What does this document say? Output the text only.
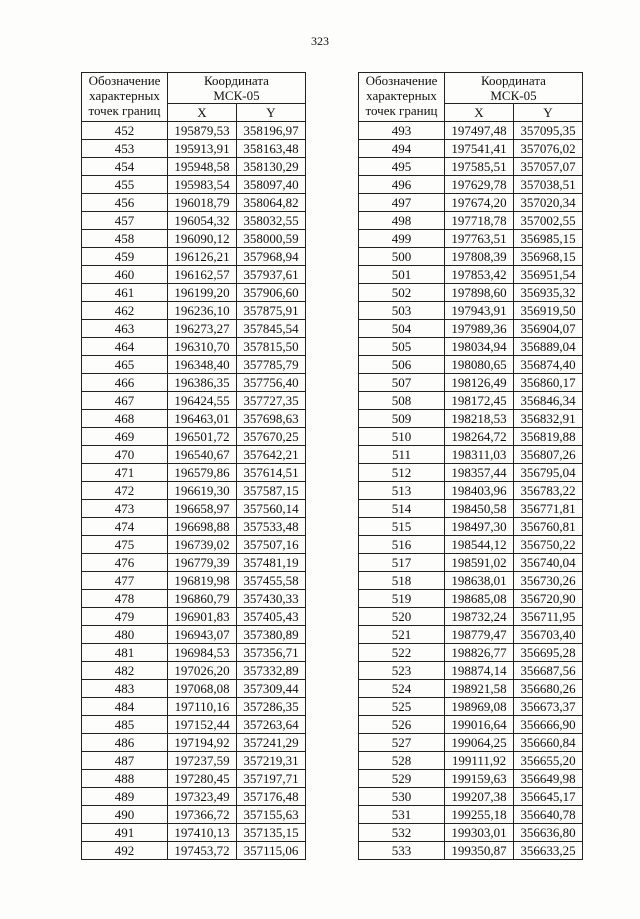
323
Обозначение
характерных
точек границ	Координата
МСК-05	

	X	Y
452	195879,53	358196,97
453	195913,91	358163,48
454	195948,58	358130,29
455	195983,54	358097,40
456	196018,79	358064,82
457	196054,32	358032,55
458	196090,12	358000,59
459	196126,21	357968,94
460	196162,57	357937,61
461	196199,20	357906,60
462	196236,10	357875,91
463	196273,27	357845,54
464	196310,70	357815,50
465	196348,40	357785,79
466	196386,35	357756,40
467	196424,55	357727,35
468	196463,01	357698,63
469	196501,72	357670,25
470	196540,67	357642,21
471	196579,86	357614,51
472	196619,30	357587,15
473	196658,97	357560,14
474	196698,88	357533,48
475	196739,02	357507,16
476	196779,39	357481,19
477	196819,98	357455,58
478	196860,79	357430,33
479	196901,83	357405,43
480	196943,07	357380,89
481	196984,53	357356,71
482	197026,20	357332,89
483	197068,08	357309,44
484	197110,16	357286,35
485	197152,44	357263,64
486	197194,92	357241,29
487	197237,59	357219,31
488	197280,45	357197,71
489	197323,49	357176,48
490	197366,72	357155,63
491	197410,13	357135,15
492	197453,72	357115,06
Обозначение
характерных
точек границ	Координата
МСК-05	

	X	Y
493	197497,48	357095,35
494	197541,41	357076,02
495	197585,51	357057,07
496	197629,78	357038,51
497	197674,20	357020,34
498	197718,78	357002,55
499	197763,51	356985,15
500	197808,39	356968,15
501	197853,42	356951,54
502	197898,60	356935,32
503	197943,91	356919,50
504	197989,36	356904,07
505	198034,94	356889,04
506	198080,65	356874,40
507	198126,49	356860,17
508	198172,45	356846,34
509	198218,53	356832,91
510	198264,72	356819,88
511	198311,03	356807,26
512	198357,44	356795,04
513	198403,96	356783,22
514	198450,58	356771,81
515	198497,30	356760,81
516	198544,12	356750,22
517	198591,02	356740,04
518	198638,01	356730,26
519	198685,08	356720,90
520	198732,24	356711,95
521	198779,47	356703,40
522	198826,77	356695,28
523	198874,14	356687,56
524	198921,58	356680,26
525	198969,08	356673,37
526	199016,64	356666,90
527	199064,25	356660,84
528	199111,92	356655,20
529	199159,63	356649,98
530	199207,38	356645,17
531	199255,18	356640,78
532	199303,01	356636,80
533	199350,87	356633,25
